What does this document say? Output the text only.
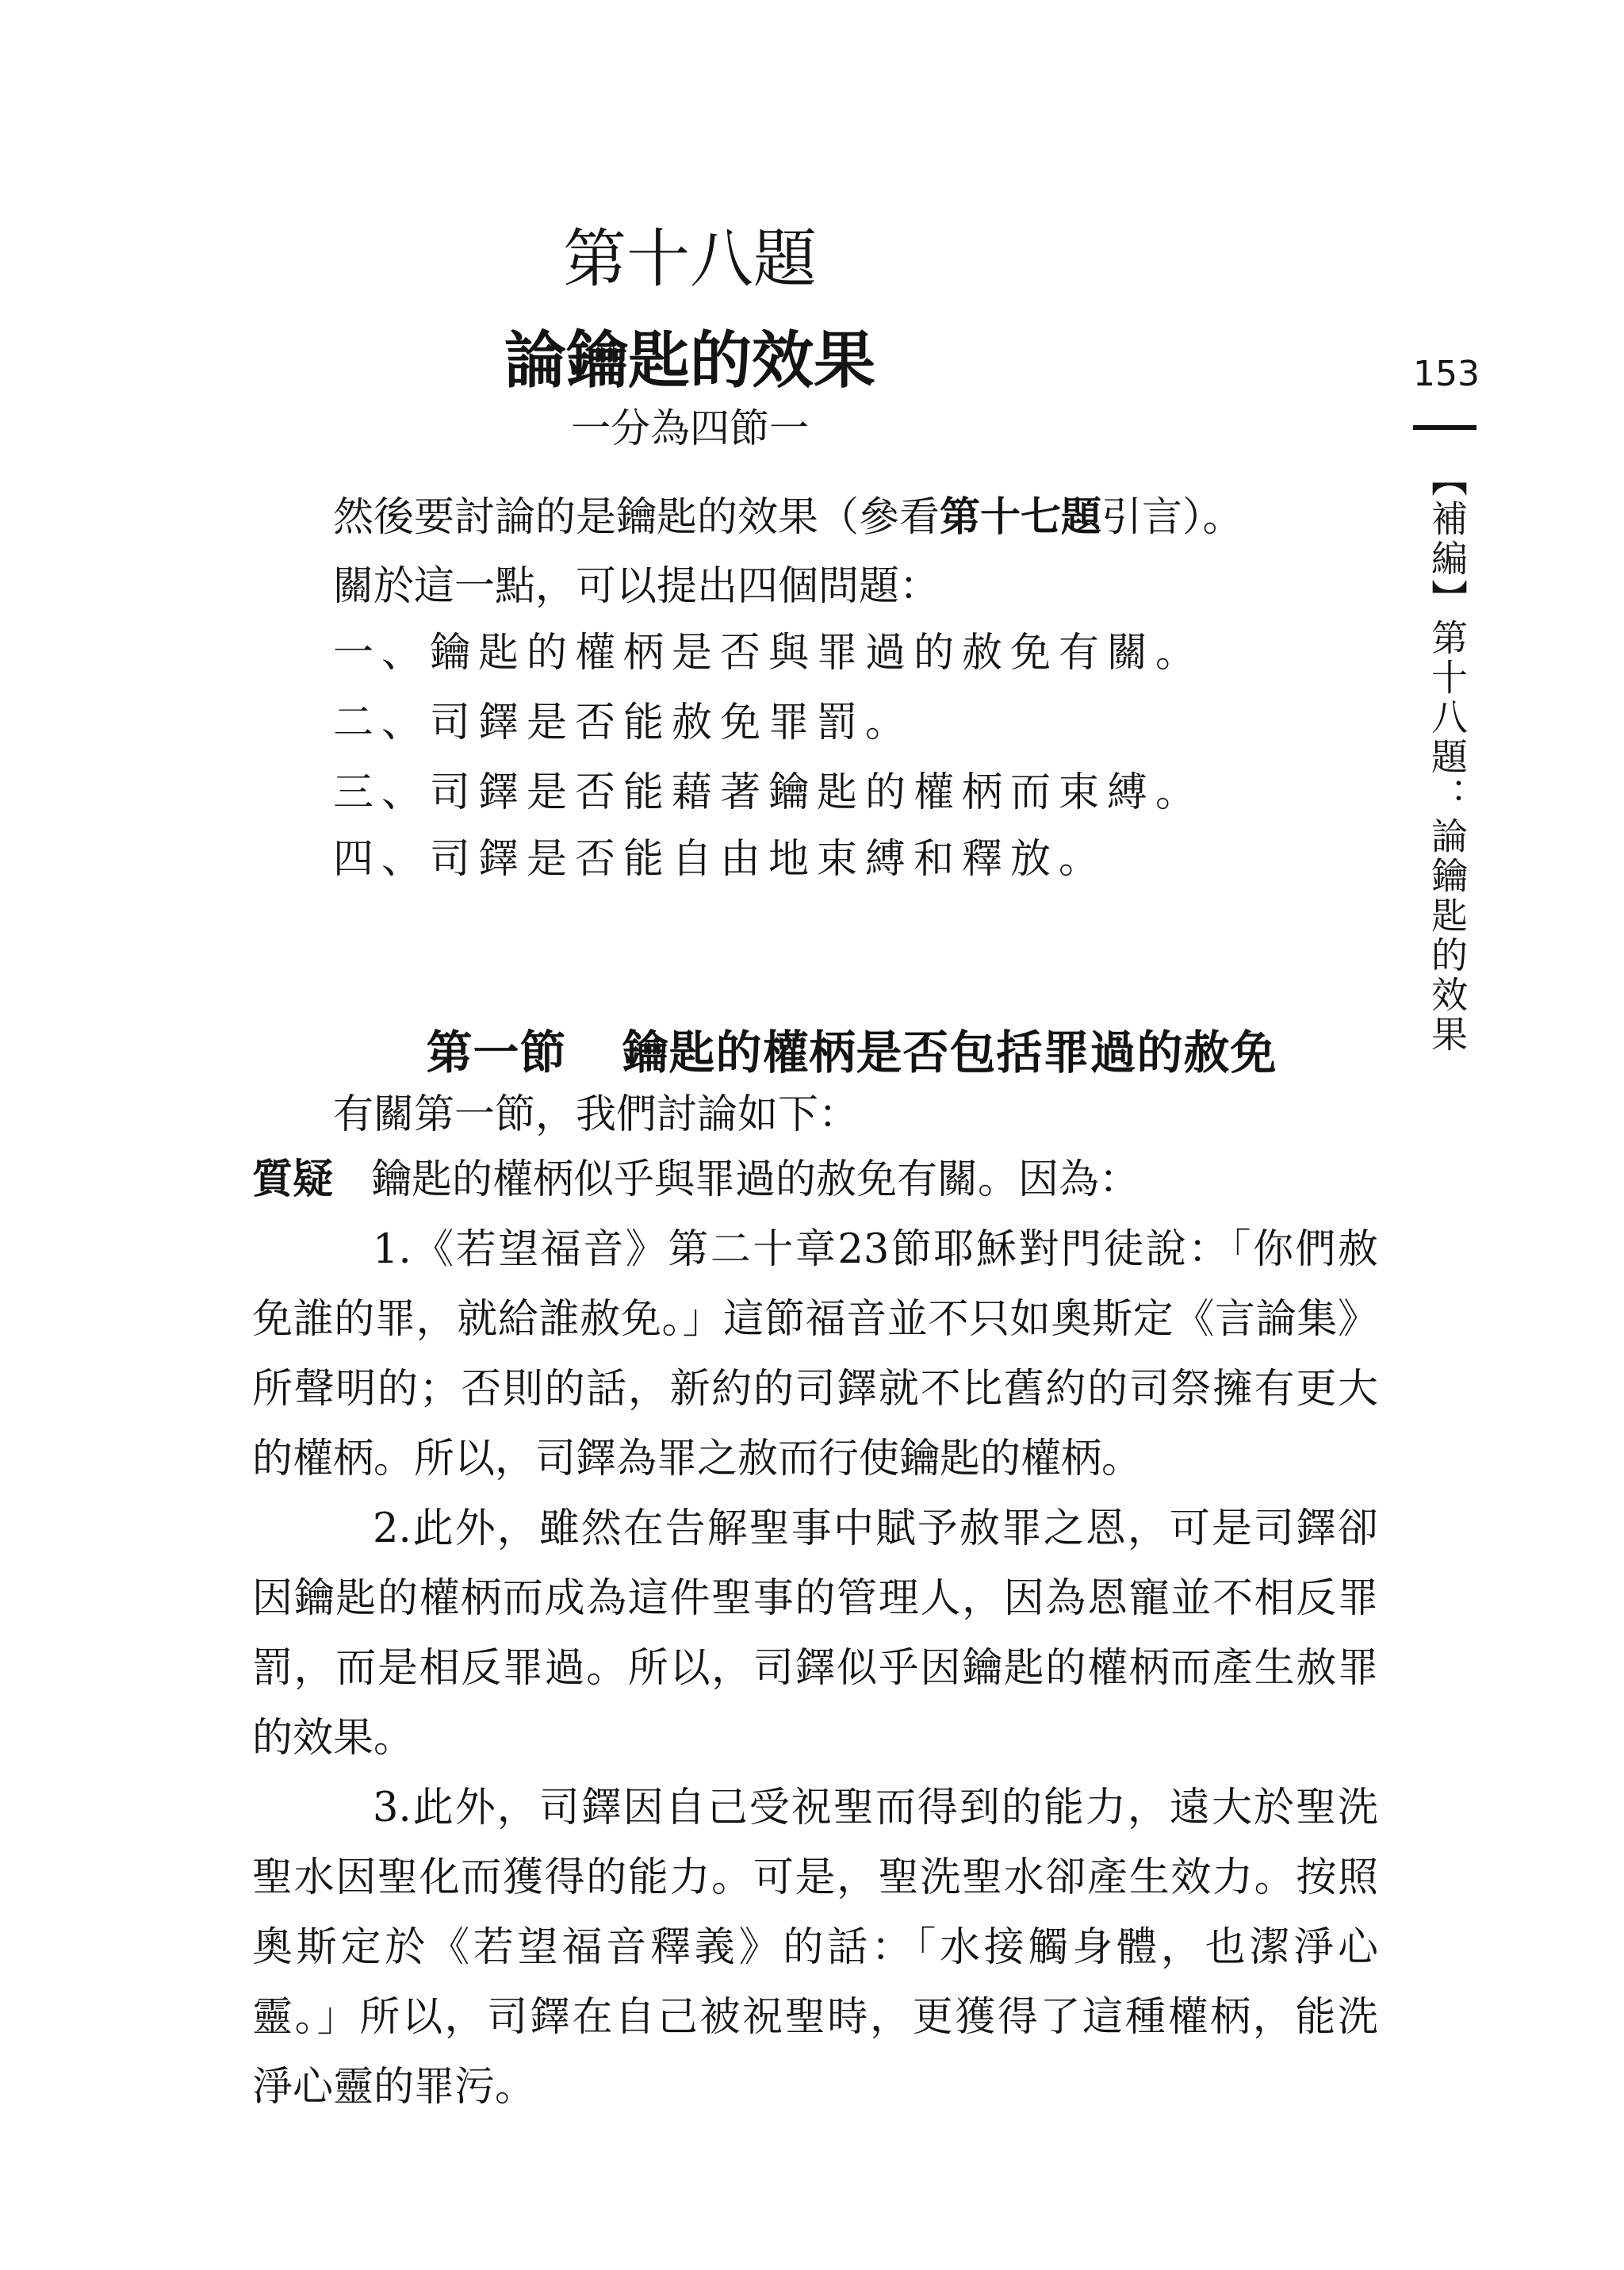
第十八題
論鑰匙的效果
一分為四節一
153
【補編】第十八題：論鑰匙的效果
然後要討論的是鑰匙的效果（參看第十七題引言）。
關於這一點，可以提出四個問題：
一、鑰匙的權柄是否與罪過的赦免有關。
二、司鐸是否能赦免罪罰。
三、司鐸是否能藉著鑰匙的權柄而束縛。
四、司鐸是否能自由地束縛和釋放。
第一節 鑰匙的權柄是否包括罪過的赦免
有關第一節，我們討論如下：
質疑 鑰匙的權柄似乎與罪過的赦免有關。因為：
1.《若望福音》第二十章23節耶穌對門徒說：「你們赦
免誰的罪，就給誰赦免。」這節福音並不只如奧斯定《言論集》
所聲明的；否則的話，新約的司鐸就不比舊約的司祭擁有更大
的權柄。所以，司鐸為罪之赦而行使鑰匙的權柄。
2.此外，雖然在告解聖事中賦予赦罪之恩，可是司鐸卻
因鑰匙的權柄而成為這件聖事的管理人，因為恩寵並不相反罪
罰，而是相反罪過。所以，司鐸似乎因鑰匙的權柄而產生赦罪
的效果。
3.此外，司鐸因自己受祝聖而得到的能力，遠大於聖洗
聖水因聖化而獲得的能力。可是，聖洗聖水卻產生效力。按照
奧斯定於《若望福音釋義》的話：「水接觸身體，也潔淨心
靈。」所以，司鐸在自己被祝聖時，更獲得了這種權柄，能洗
淨心靈的罪污。
